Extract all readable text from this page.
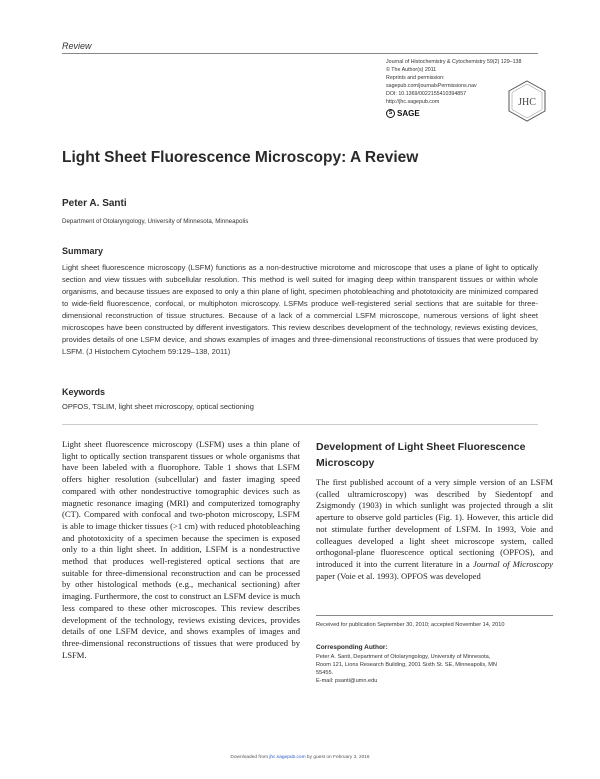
Review
Journal of Histochemistry & Cytochemistry 59(2) 129–138
© The Author(s) 2011
Reprints and permission:
sagepub.com/journalsPermissions.nav
DOI: 10.1369/0022155410394857
http://jhc.sagepub.com
S SAGE
JHC
Light Sheet Fluorescence Microscopy: A Review
Peter A. Santi
Department of Otolaryngology, University of Minnesota, Minneapolis
Summary
Light sheet fluorescence microscopy (LSFM) functions as a non-destructive microtome and microscope that uses a plane of light to optically section and view tissues with subcellular resolution. This method is well suited for imaging deep within transparent tissues or within whole organisms, and because tissues are exposed to only a thin plane of light, specimen photobleaching and phototoxicity are minimized compared to wide-field fluorescence, confocal, or multiphoton microscopy. LSFMs produce well-registered serial sections that are suitable for three-dimensional reconstruction of tissue structures. Because of a lack of a commercial LSFM microscope, numerous versions of light sheet microscopes have been constructed by different investigators. This review describes development of the technology, reviews existing devices, provides details of one LSFM device, and shows examples of images and three-dimensional reconstructions of tissues that were produced by LSFM. (J Histochem Cytochem 59:129–138, 2011)
Keywords
OPFOS, TSLIM, light sheet microscopy, optical sectioning
Light sheet fluorescence microscopy (LSFM) uses a thin plane of light to optically section transparent tissues or whole organisms that have been labeled with a fluorophore. Table 1 shows that LSFM offers higher resolution (subcellular) and faster imaging speed compared with other nondestructive tomographic devices such as magnetic resonance imaging (MRI) and computerized tomography (CT). Compared with confocal and two-photon microscopy, LSFM is able to image thicker tissues (>1 cm) with reduced photobleaching and phototoxicity of a specimen because the specimen is exposed only to a thin light sheet. In addition, LSFM is a nondestructive method that produces well-registered optical sections that are suitable for three-dimensional reconstruction and can be processed by other histological methods (e.g., mechanical sectioning) after imaging. Furthermore, the cost to construct an LSFM device is much less compared to these other microscopes. This review describes development of the technology, reviews existing devices, provides details of one LSFM device, and shows examples of images and three-dimensional reconstructions of tissues that were produced by LSFM.
Development of Light Sheet Fluorescence Microscopy
The first published account of a very simple version of an LSFM (called ultramicroscopy) was described by Siedentopf and Zsigmondy (1903) in which sunlight was projected through a slit aperture to observe gold particles (Fig. 1). However, this article did not stimulate further development of LSFM. In 1993, Voie and colleagues developed a light sheet microscope system, called orthogonal-plane fluorescence optical sectioning (OPFOS), and introduced it into the current literature in a Journal of Microscopy paper (Voie et al. 1993). OPFOS was developed
Received for publication September 30, 2010; accepted November 14, 2010
Corresponding Author:
Peter A. Santi, Department of Otolaryngology, University of Minnesota,
Room 121, Lions Research Building, 2001 Sixth St. SE, Minneapolis, MN
55455.
E-mail: psanti@umn.edu
Downloaded from jhc.sagepub.com by guest on February 3, 2016
